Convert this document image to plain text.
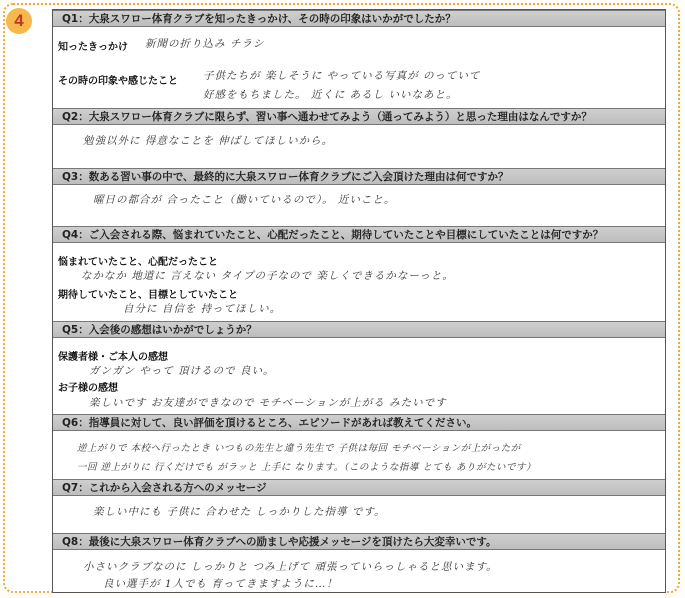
4	Q1：大泉スワロー体育クラブを知ったきっかけ、その時の印象はいかがでしたか？
知ったきっかけ 新聞の折り込み チラシ
その時の印象や感じたこと 子供たちが 楽しそうに やっている写真が のっていて
好感をもちました。 近くに あるし いいなあと。
Q2：大泉スワロー体育クラブに限らず、習い事へ通わせてみよう（通ってみよう）と思った理由はなんですか？
勉強以外に 得意なことを 伸ばしてほしいから。
Q3：数ある習い事の中で、最終的に大泉スワロー体育クラブにご入会頂けた理由は何ですか？
曜日の都合が 合ったこと（働いているので）。 近いこと。
Q4：ご入会される際、悩まれていたこと、心配だったこと、期待していたことや目標にしていたことは何ですか？
悩まれていたこと、心配だったこと
なかなか 地道に 言えない タイプの子なので 楽しくできるかなーっと。
期待していたこと、目標としていたこと
自分に 自信を 持ってほしい。
Q5：入会後の感想はいかがでしょうか？
保護者様・ご本人の感想
ガンガン やって 頂けるので 良い。
お子様の感想
楽しいです お友達ができなので モチベーションが上がる みたいです
Q6：指導員に対して、良い評価を頂けるところ、エピソードがあれば教えてください。
逆上がりで 本校へ行ったとき いつもの先生と違う先生で 子供は毎回 モチベーションが上がったが
一回 逆上がりに 行くだけでも がラッと 上手に なります。（このような指導 とても ありがたいです）
Q7：これから入会される方へのメッセージ
楽しい中にも 子供に 合わせた しっかりした指導 です。
Q8：最後に大泉スワロー体育クラブへの励ましや応援メッセージを頂けたら大変幸いです。
小さいクラブなのに しっかりと つみ上げて 頑張っていらっしゃると思います。
良い選手が 1人でも 育ってきますように…！
